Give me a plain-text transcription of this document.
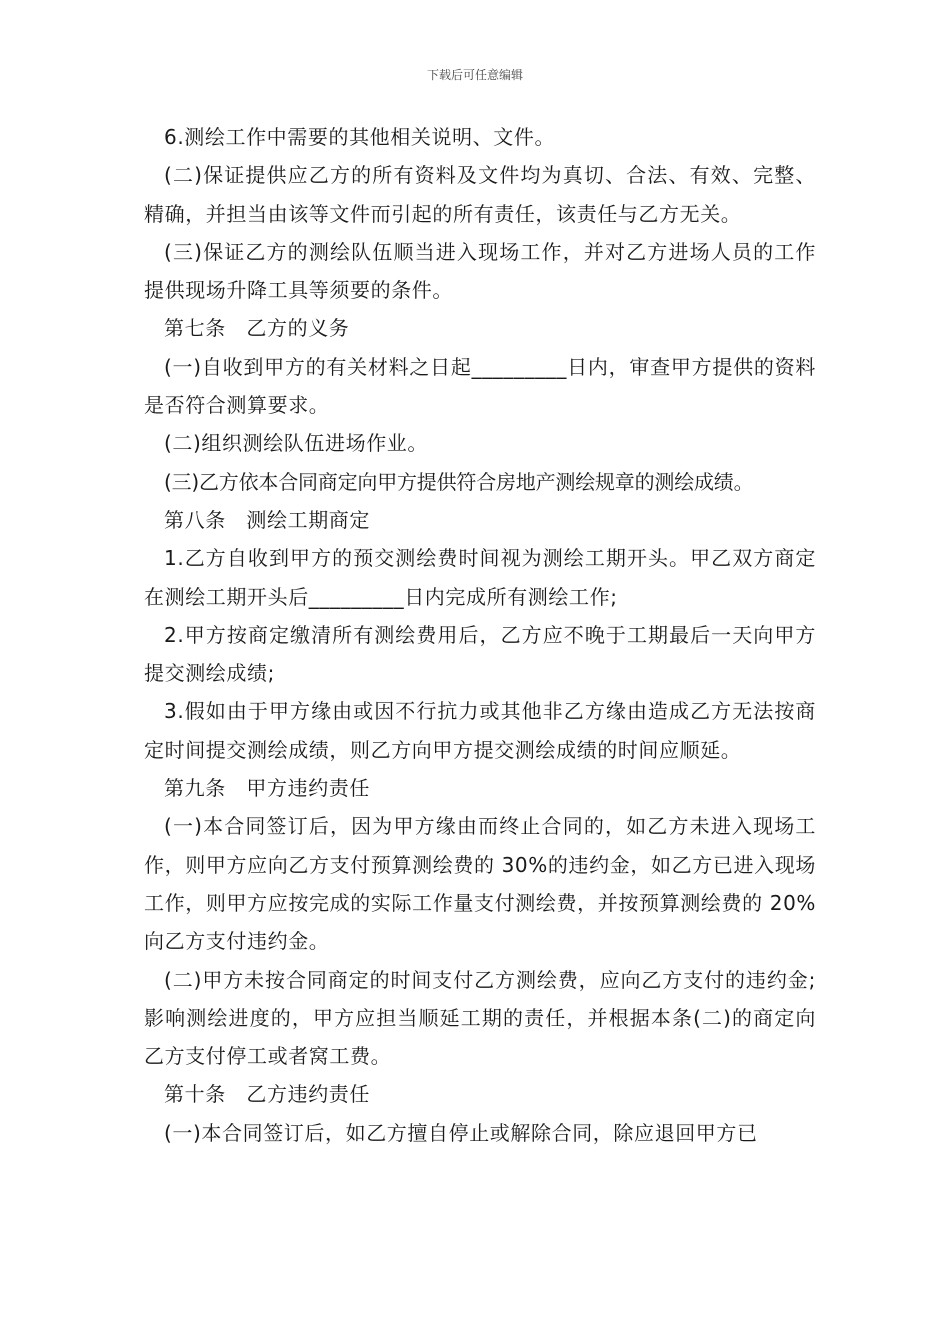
下载后可任意编辑

6.测绘工作中需要的其他相关说明、文件。

(二)保证提供应乙方的所有资料及文件均为真切、合法、有效、完整、精确，并担当由该等文件而引起的所有责任，该责任与乙方无关。

(三)保证乙方的测绘队伍顺当进入现场工作，并对乙方进场人员的工作提供现场升降工具等须要的条件。

第七条　乙方的义务

(一)自收到甲方的有关材料之日起_________日内，审查甲方提供的资料是否符合测算要求。

(二)组织测绘队伍进场作业。

(三)乙方依本合同商定向甲方提供符合房地产测绘规章的测绘成绩。

第八条　测绘工期商定

1.乙方自收到甲方的预交测绘费时间视为测绘工期开头。甲乙双方商定在测绘工期开头后_________日内完成所有测绘工作;

2.甲方按商定缴清所有测绘费用后，乙方应不晚于工期最后一天向甲方提交测绘成绩;

3.假如由于甲方缘由或因不行抗力或其他非乙方缘由造成乙方无法按商定时间提交测绘成绩，则乙方向甲方提交测绘成绩的时间应顺延。

第九条　甲方违约责任

(一)本合同签订后，因为甲方缘由而终止合同的，如乙方未进入现场工作，则甲方应向乙方支付预算测绘费的 30%的违约金，如乙方已进入现场工作，则甲方应按完成的实际工作量支付测绘费，并按预算测绘费的 20%向乙方支付违约金。

(二)甲方未按合同商定的时间支付乙方测绘费，应向乙方支付的违约金;影响测绘进度的，甲方应担当顺延工期的责任，并根据本条(二)的商定向乙方支付停工或者窝工费。

第十条　乙方违约责任

(一)本合同签订后，如乙方擅自停止或解除合同，除应退回甲方已
